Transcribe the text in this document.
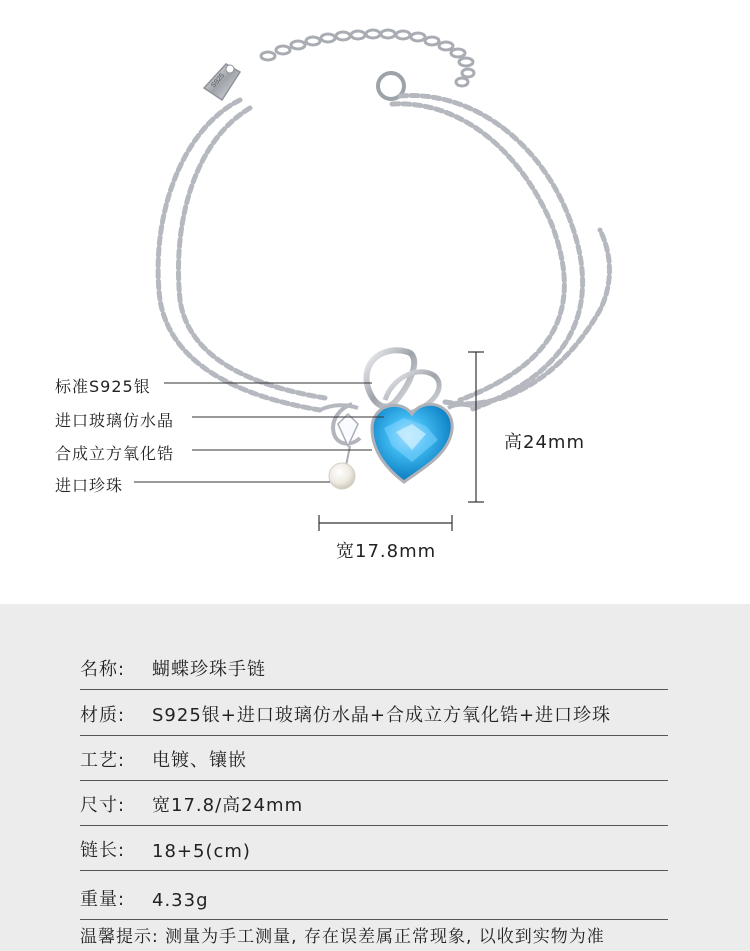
S925
标准S925银
进口玻璃仿水晶
合成立方氧化锆
进口珍珠
高24mm
宽17.8mm
名称: 蝴蝶珍珠手链
材质: S925银+进口玻璃仿水晶+合成立方氧化锆+进口珍珠
工艺: 电镀、镶嵌
尺寸: 宽17.8/高24mm
链长: 18+5(cm)
重量: 4.33g
温馨提示: 测量为手工测量, 存在误差属正常现象, 以收到实物为准
